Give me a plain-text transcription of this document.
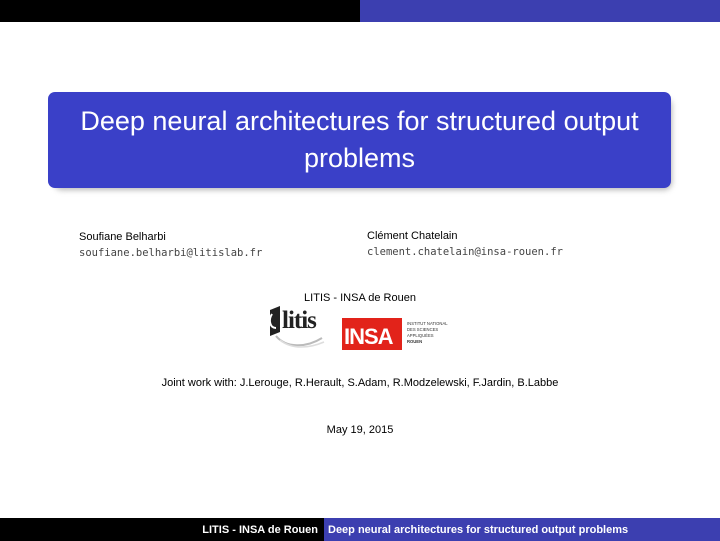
Deep neural architectures for structured output problems
Soufiane Belharbi
soufiane.belharbi@litislab.fr
Clément Chatelain
clement.chatelain@insa-rouen.fr
LITIS - INSA de Rouen
litis
INSA
INSTITUT NATIONAL
DES SCIENCES
APPLIQUÉES
ROUEN
Joint work with: J.Lerouge, R.Herault, S.Adam, R.Modzelewski, F.Jardin, B.Labbe
May 19, 2015
LITIS - INSA de Rouen Deep neural architectures for structured output problems
